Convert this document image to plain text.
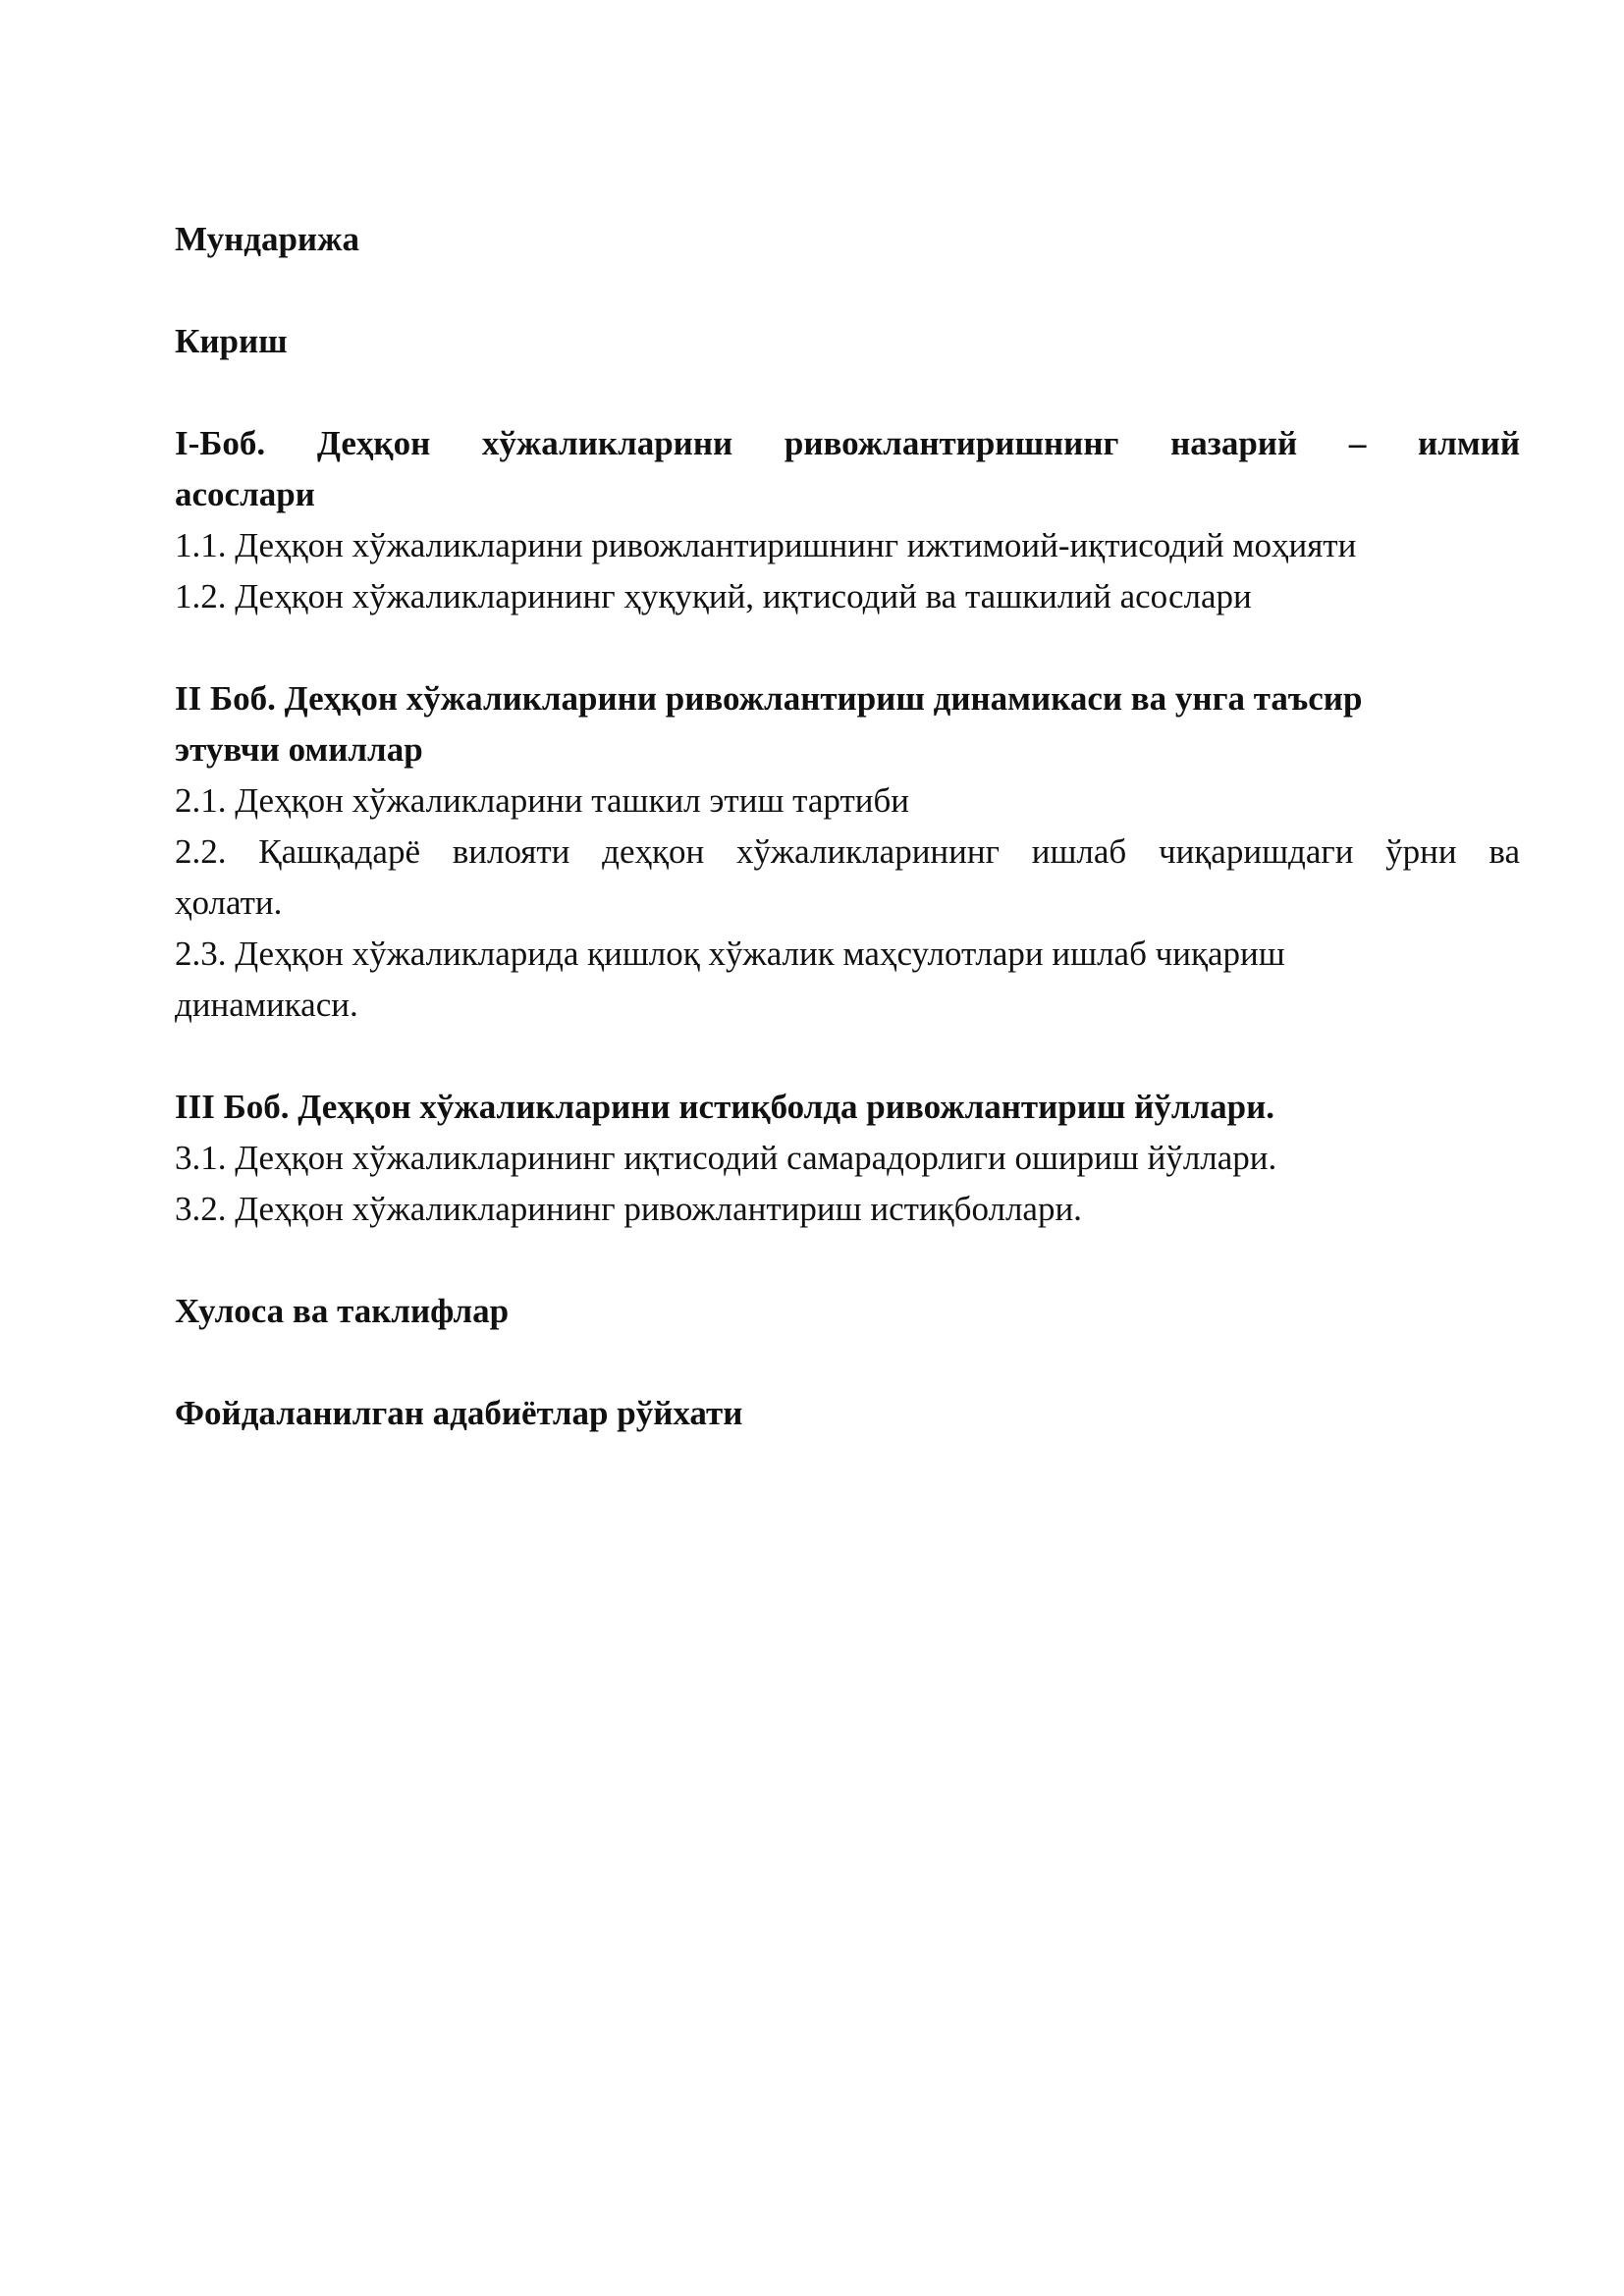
Мундарижа

Кириш

I-Боб. Деҳқон хўжаликларини ривожлантиришнинг назарий – илмий

асослари

1.1. Деҳқон хўжаликларини ривожлантиришнинг ижтимоий-иқтисодий моҳияти

1.2. Деҳқон хўжаликларининг ҳуқуқий, иқтисодий ва ташкилий асослари

II Боб. Деҳқон хўжаликларини ривожлантириш динамикаси ва унга таъсир

этувчи омиллар

2.1. Деҳқон хўжаликларини ташкил этиш тартиби

2.2. Қашқадарё вилояти деҳқон хўжаликларининг ишлаб чиқаришдаги ўрни ва

ҳолати.

2.3. Деҳқон хўжаликларида қишлоқ хўжалик маҳсулотлари ишлаб чиқариш

динамикаси.

III Боб. Деҳқон хўжаликларини истиқболда ривожлантириш йўллари.

3.1. Деҳқон хўжаликларининг иқтисодий самарадорлиги ошириш йўллари.

3.2. Деҳқон хўжаликларининг ривожлантириш истиқболлари.

Хулоса ва таклифлар

Фойдаланилган адабиётлар рўйхати
